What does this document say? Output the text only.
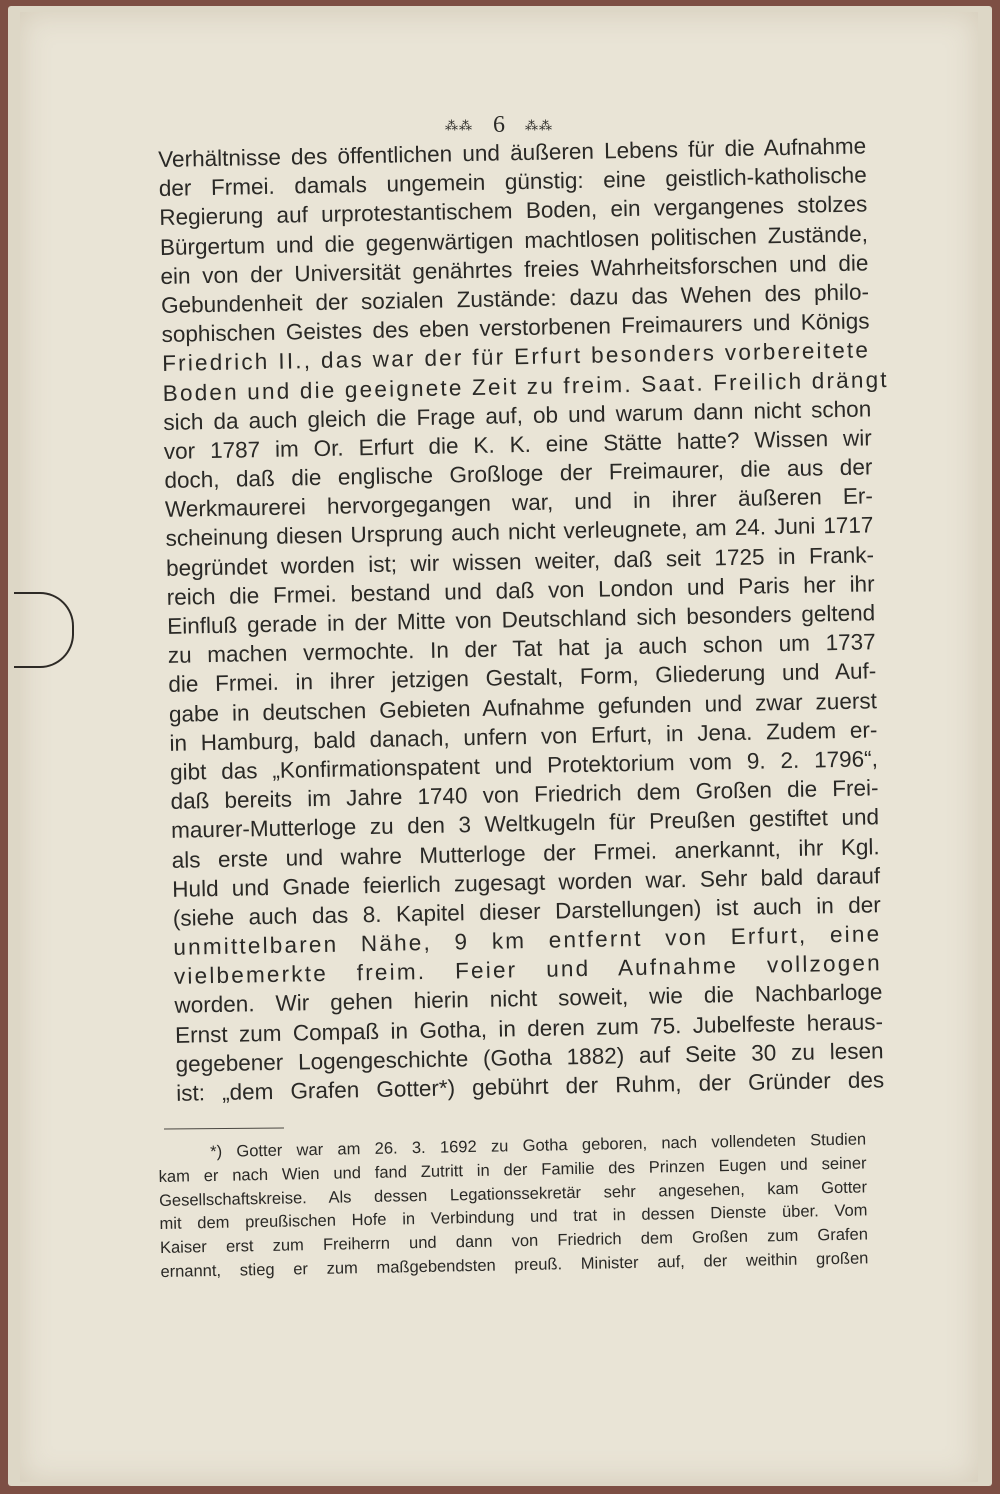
⁂⁂ 6 ⁂⁂
Verhältnisse des öffentlichen und äußeren Lebens für die Aufnahme
der Frmei. damals ungemein günstig: eine geistlich-katholische
Regierung auf urprotestantischem Boden, ein vergangenes stolzes
Bürgertum und die gegenwärtigen machtlosen politischen Zustände,
ein von der Universität genährtes freies Wahrheitsforschen und die
Gebundenheit der sozialen Zustände: dazu das Wehen des philo-
sophischen Geistes des eben verstorbenen Freimaurers und Königs
Friedrich II., das war der für Erfurt besonders vorbereitete
Boden und die geeignete Zeit zu freim. Saat. Freilich drängt
sich da auch gleich die Frage auf, ob und warum dann nicht schon
vor 1787 im Or. Erfurt die K. K. eine Stätte hatte? Wissen wir
doch, daß die englische Großloge der Freimaurer, die aus der
Werkmaurerei hervorgegangen war, und in ihrer äußeren Er-
scheinung diesen Ursprung auch nicht verleugnete, am 24. Juni 1717
begründet worden ist; wir wissen weiter, daß seit 1725 in Frank-
reich die Frmei. bestand und daß von London und Paris her ihr
Einfluß gerade in der Mitte von Deutschland sich besonders geltend
zu machen vermochte. In der Tat hat ja auch schon um 1737
die Frmei. in ihrer jetzigen Gestalt, Form, Gliederung und Auf-
gabe in deutschen Gebieten Aufnahme gefunden und zwar zuerst
in Hamburg, bald danach, unfern von Erfurt, in Jena. Zudem er-
gibt das „Konfirmationspatent und Protektorium vom 9. 2. 1796“,
daß bereits im Jahre 1740 von Friedrich dem Großen die Frei-
maurer-Mutterloge zu den 3 Weltkugeln für Preußen gestiftet und
als erste und wahre Mutterloge der Frmei. anerkannt, ihr Kgl.
Huld und Gnade feierlich zugesagt worden war. Sehr bald darauf
(siehe auch das 8. Kapitel dieser Darstellungen) ist auch in der
unmittelbaren Nähe, 9 km entfernt von Erfurt, eine
vielbemerkte freim. Feier und Aufnahme vollzogen
worden. Wir gehen hierin nicht soweit, wie die Nachbarloge
Ernst zum Compaß in Gotha, in deren zum 75. Jubelfeste heraus-
gegebener Logengeschichte (Gotha 1882) auf Seite 30 zu lesen
ist: „dem Grafen Gotter*) gebührt der Ruhm, der Gründer des
*) Gotter war am 26. 3. 1692 zu Gotha geboren, nach vollendeten Studien
kam er nach Wien und fand Zutritt in der Familie des Prinzen Eugen und seiner
Gesellschaftskreise. Als dessen Legationssekretär sehr angesehen, kam Gotter
mit dem preußischen Hofe in Verbindung und trat in dessen Dienste über. Vom
Kaiser erst zum Freiherrn und dann von Friedrich dem Großen zum Grafen
ernannt, stieg er zum maßgebendsten preuß. Minister auf, der weithin großen
